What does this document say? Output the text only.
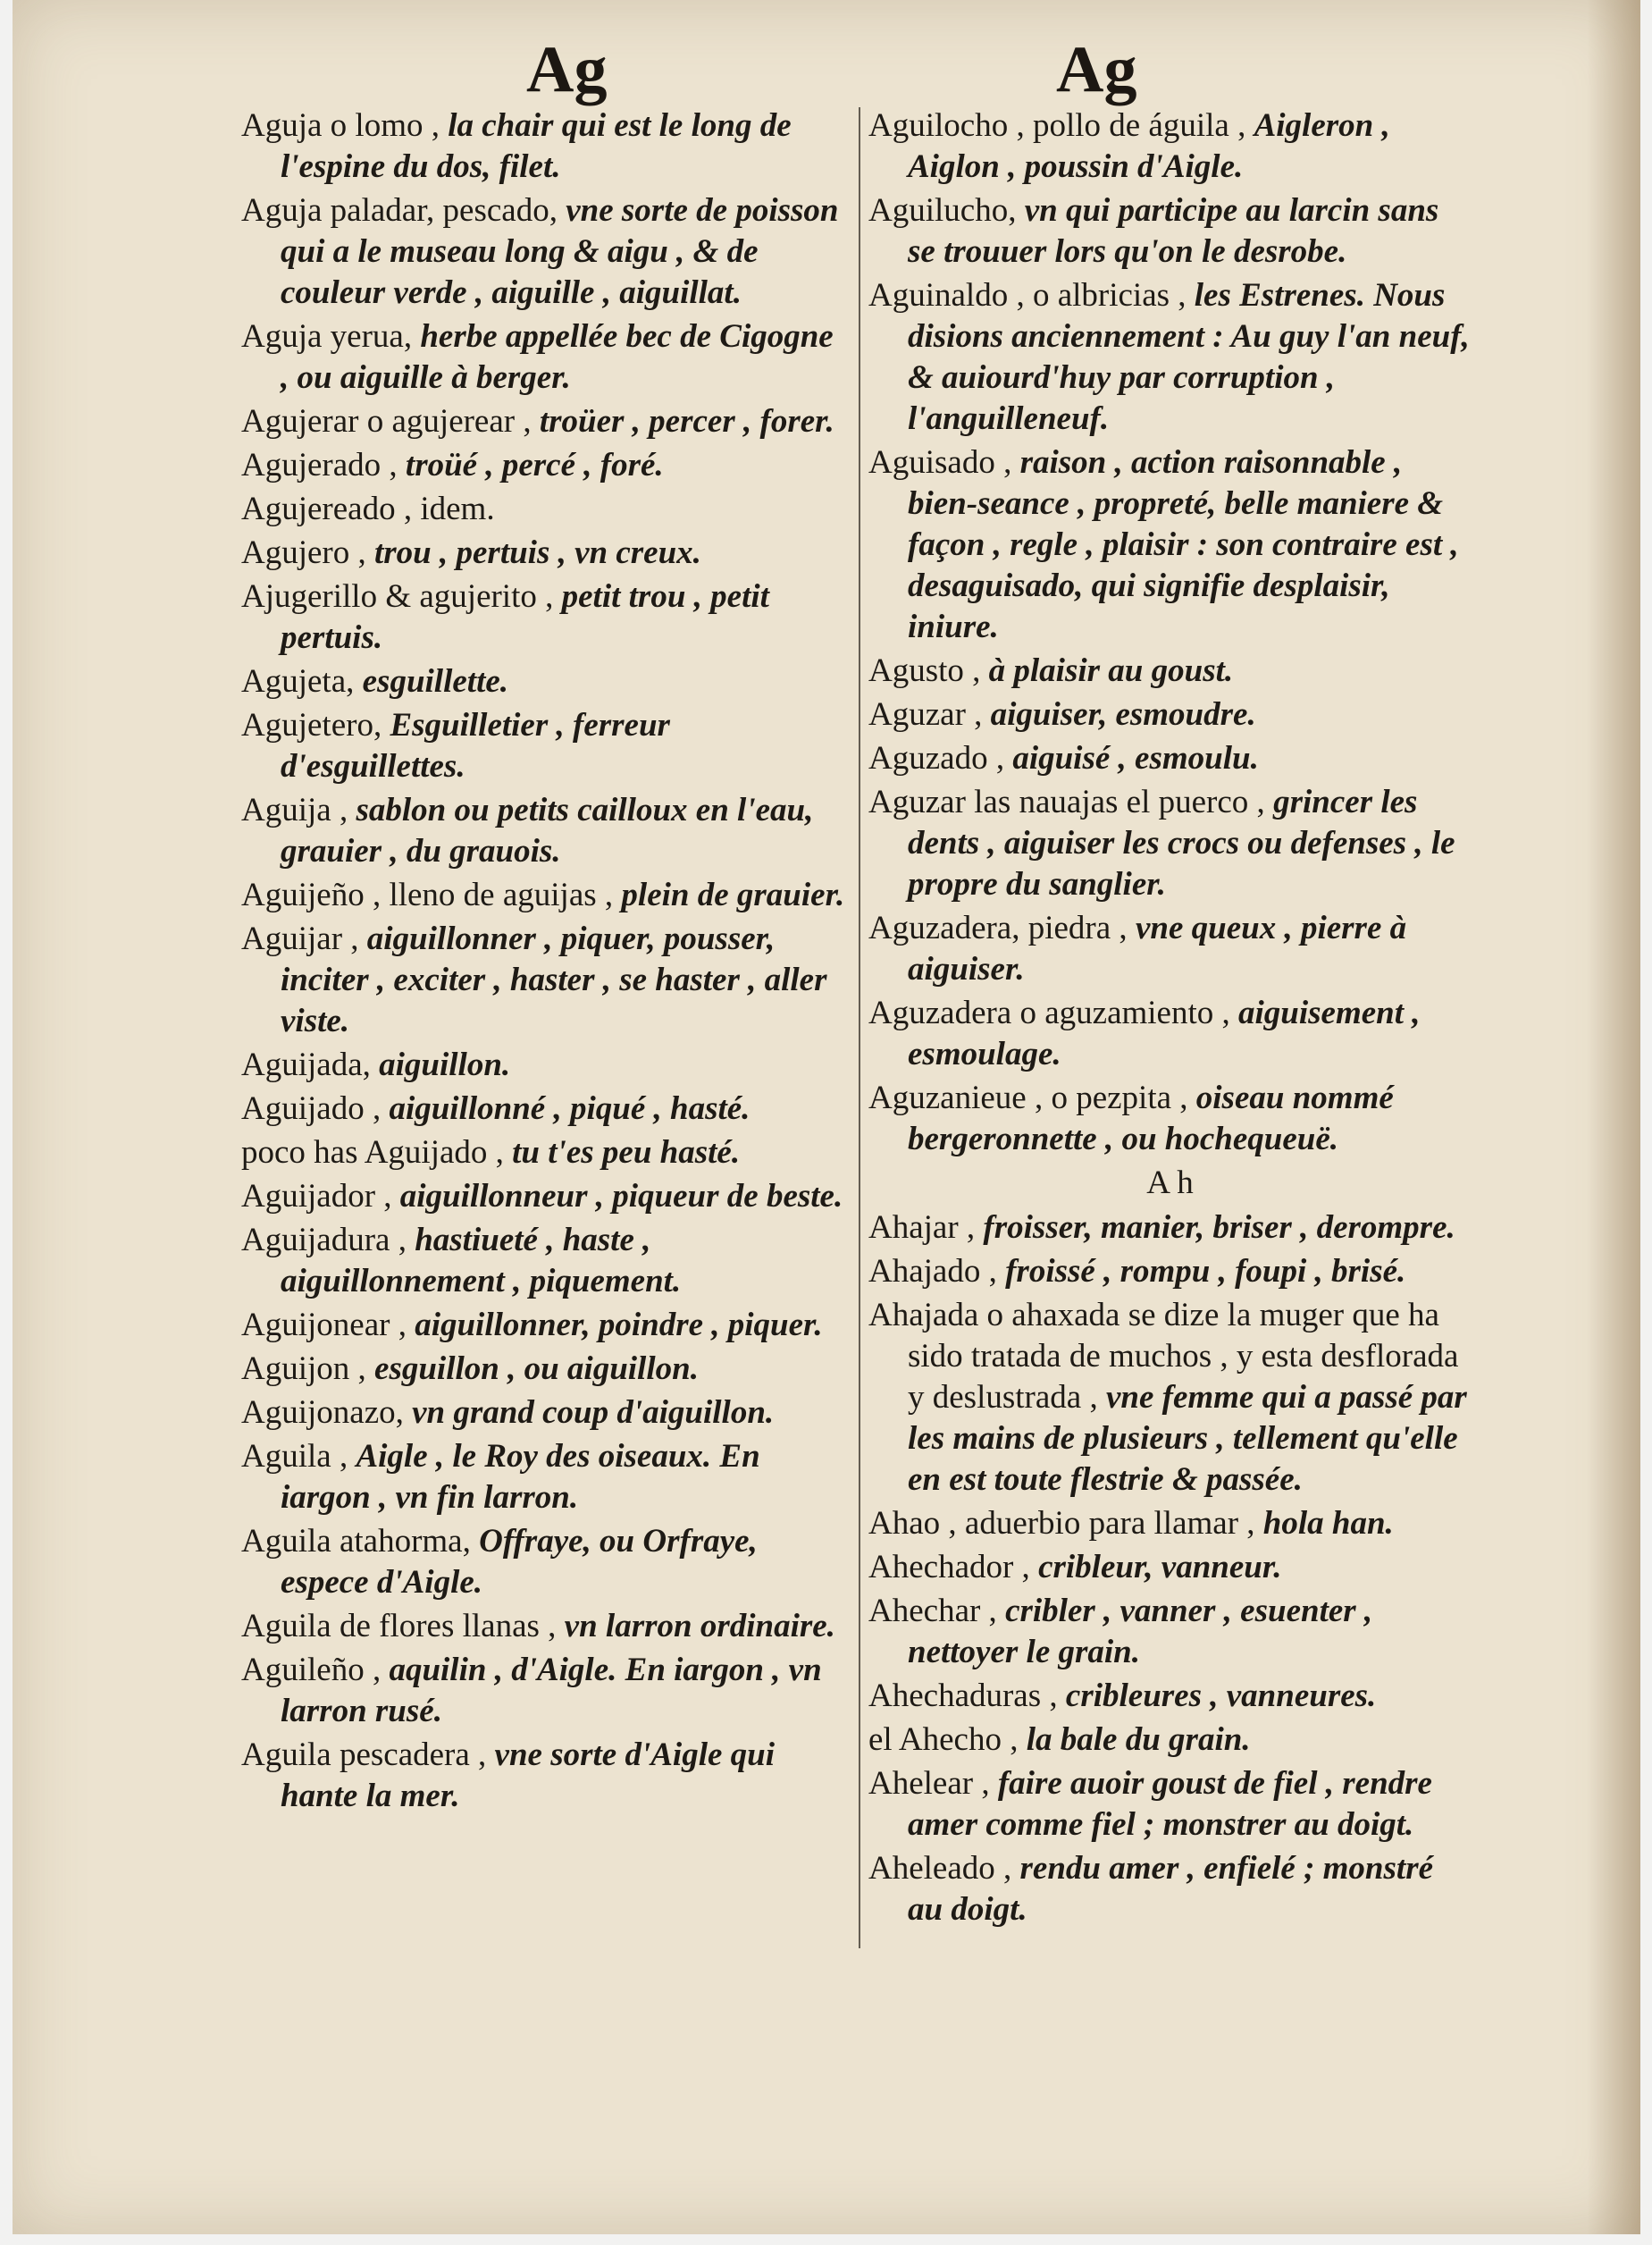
Ag	Ag
Aguja o lomo , la chair qui est le long de l'espine du dos, filet.
Aguja paladar, pescado, vne sorte de poisson qui a le museau long & aigu , & de couleur verde , aiguille , aiguillat.
Aguja yerua, herbe appellée bec de Cigogne , ou aiguille à berger.
Agujerar o agujerear , troüer , percer , forer.
Agujerado , troüé , percé , foré.
Agujereado , idem.
Agujero , trou , pertuis , vn creux.
Ajugerillo & agujerito , petit trou , petit pertuis.
Agujeta, esguillette.
Agujetero, Esguilletier , ferreur d'esguillettes.
Aguija , sablon ou petits cailloux en l'eau, grauier , du grauois.
Aguijeño , lleno de aguijas , plein de grauier.
Aguijar , aiguillonner , piquer, pousser, inciter , exciter , haster , se haster , aller viste.
Aguijada, aiguillon.
Aguijado , aiguillonné , piqué , hasté.
poco has Aguijado , tu t'es peu hasté.
Aguijador , aiguillonneur , piqueur de beste.
Aguijadura , hastiueté , haste , aiguillonnement , piquement.
Aguijonear , aiguillonner, poindre , piquer.
Aguijon , esguillon , ou aiguillon.
Aguijonazo, vn grand coup d'aiguillon.
Aguila , Aigle , le Roy des oiseaux. En iargon , vn fin larron.
Aguila atahorma, Offraye, ou Orfraye, espece d'Aigle.
Aguila de flores llanas , vn larron ordinaire.
Aguileño , aquilin , d'Aigle. En iargon , vn larron rusé.
Aguila pescadera , vne sorte d'Aigle qui hante la mer.
Aguilocho , pollo de águila , Aigleron , Aiglon , poussin d'Aigle.
Aguilucho, vn qui participe au larcin sans se trouuer lors qu'on le desrobe.
Aguinaldo , o albricias , les Estrenes. Nous disions anciennement : Au guy l'an neuf, & auiourd'huy par corruption , l'anguilleneuf.
Aguisado , raison , action raisonnable , bien-seance , propreté, belle maniere & façon , regle , plaisir : son contraire est , desaguisado, qui signifie desplaisir, iniure.
Agusto , à plaisir au goust.
Aguzar , aiguiser, esmoudre.
Aguzado , aiguisé , esmoulu.
Aguzar las nauajas el puerco , grincer les dents , aiguiser les crocs ou defenses , le propre du sanglier.
Aguzadera, piedra , vne queux , pierre à aiguiser.
Aguzadera o aguzamiento , aiguisement , esmoulage.
Aguzanieue , o pezpita , oiseau nommé bergeronnette , ou hochequeuë.
A h
Ahajar , froisser, manier, briser , derompre.
Ahajado , froissé , rompu , foupi , brisé.
Ahajada o ahaxada se dize la muger que ha sido tratada de muchos , y esta desflorada y deslustrada , vne femme qui a passé par les mains de plusieurs , tellement qu'elle en est toute flestrie & passée.
Ahao , aduerbio para llamar , hola han.
Ahechador , cribleur, vanneur.
Ahechar , cribler , vanner , esuenter , nettoyer le grain.
Ahechaduras , cribleures , vanneures.
el Ahecho , la bale du grain.
Ahelear , faire auoir goust de fiel , rendre amer comme fiel ; monstrer au doigt.
Aheleado , rendu amer , enfielé ; monstré au doigt.
